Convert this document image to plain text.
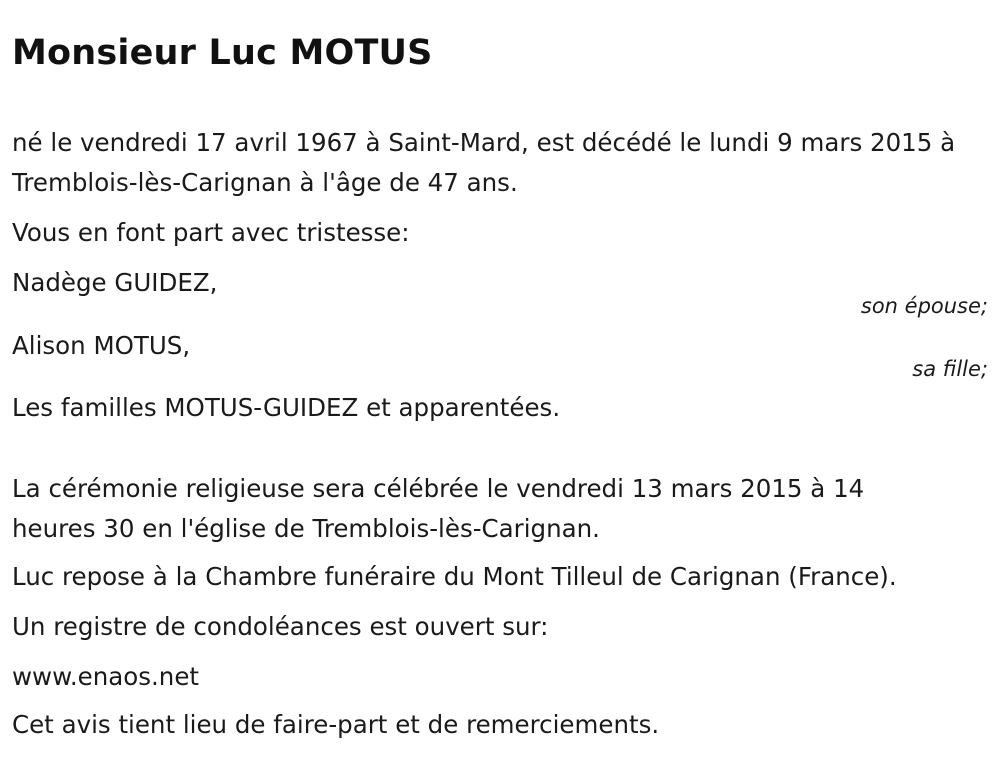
Monsieur Luc MOTUS

né le vendredi 17 avril 1967 à Saint-Mard, est décédé le lundi 9 mars 2015 à Tremblois-lès-Carignan à l'âge de 47 ans.

Vous en font part avec tristesse:

Nadège GUIDEZ,

son épouse;

Alison MOTUS,

sa fille;

Les familles MOTUS-GUIDEZ et apparentées.

La cérémonie religieuse sera célébrée le vendredi 13 mars 2015 à 14 heures 30 en l'église de Tremblois-lès-Carignan.

Luc repose à la Chambre funéraire du Mont Tilleul de Carignan (France).

Un registre de condoléances est ouvert sur:

www.enaos.net

Cet avis tient lieu de faire-part et de remerciements.
